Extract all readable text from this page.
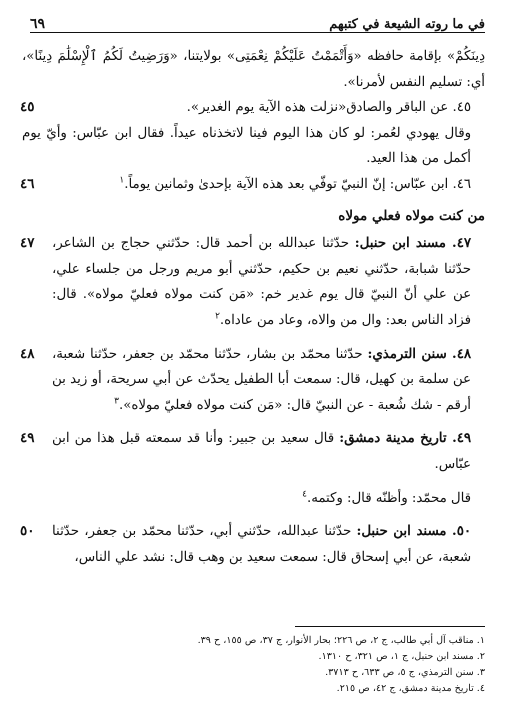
في ما روته الشيعة في كتبهم
٦٩

دِينَكُمْ» بإقامة حافظه «وَأَتْمَمْتُ عَلَيْكُمْ نِعْمَتِى» بولايتنا، «وَرَضِيتُ لَكُمُ ٱلْإِسْلَٰمَ دِينًا»، أي: تسليم النفس لأمرنا».

٤٥	٤٥. عن الباقر والصادق«نزلت هذه الآية يوم الغدير».

وقال يهودي لعُمر: لو كان هذا اليوم فينا لاتخذناه عيداً. فقال ابن عبّاس: وأيّ يوم أكمل من هذا العيد.

٤٦	٤٦. ابن عبّاس: إنّ النبيّ توفّي بعد هذه الآية بإحدىٰ وثمانين يوماً.$^١$

من كنت مولاه فعلي مولاه

٤٧	٤٧. مسند ابن حنبل: حدّثنا عبدالله بن أحمد قال: حدّثني حجاج بن الشاعر، حدّثنا شبابة، حدّثني نعيم بن حكيم، حدّثني أبو مريم ورجل من جلساء علي، عن علي أنّ النبيّ قال يوم غدير خم: «مَن كنت مولاه فعليّ مولاه». قال: فزاد الناس بعد: وال من والاه، وعاد من عاداه.$^٢$

٤٨	٤٨. سنن الترمذي: حدّثنا محمّد بن بشار، حدّثنا محمّد بن جعفر، حدّثنا شعبة، عن سلمة بن كهيل، قال: سمعت أبا الطفيل يحدّث عن أبي سريحة، أو زيد بن أرقم - شك شُعبة - عن النبيّ قال: «مَن كنت مولاه فعليّ مولاه».$^٣$

٤٩	٤٩. تاريخ مدينة دمشق: قال سعيد بن جبير: وأنا قد سمعته قبل هذا من ابن عبّاس.

قال محمّد: وأظنّه قال: وكتمه.$^٤$

٥٠	٥٠. مسند ابن حنبل: حدّثنا عبدالله، حدّثني أبي، حدّثنا محمّد بن جعفر، حدّثنا شعبة، عن أبي إسحاق قال: سمعت سعيد بن وهب قال: نشد علي الناس،

١. مناقب آل أبي طالب، ج ٢، ص ٢٢٦؛ بحار الأنوار، ج ٣٧، ص ١٥٥، ح ٣٩.

٢. مسند ابن حنبل، ج ١، ص ٣٢١، ح ١٣١٠.

٣. سنن الترمذي، ج ٥، ص ٦٣٣، ح ٣٧١٣.

٤. تاريخ مدينة دمشق، ج ٤٢، ص ٢١٥.
